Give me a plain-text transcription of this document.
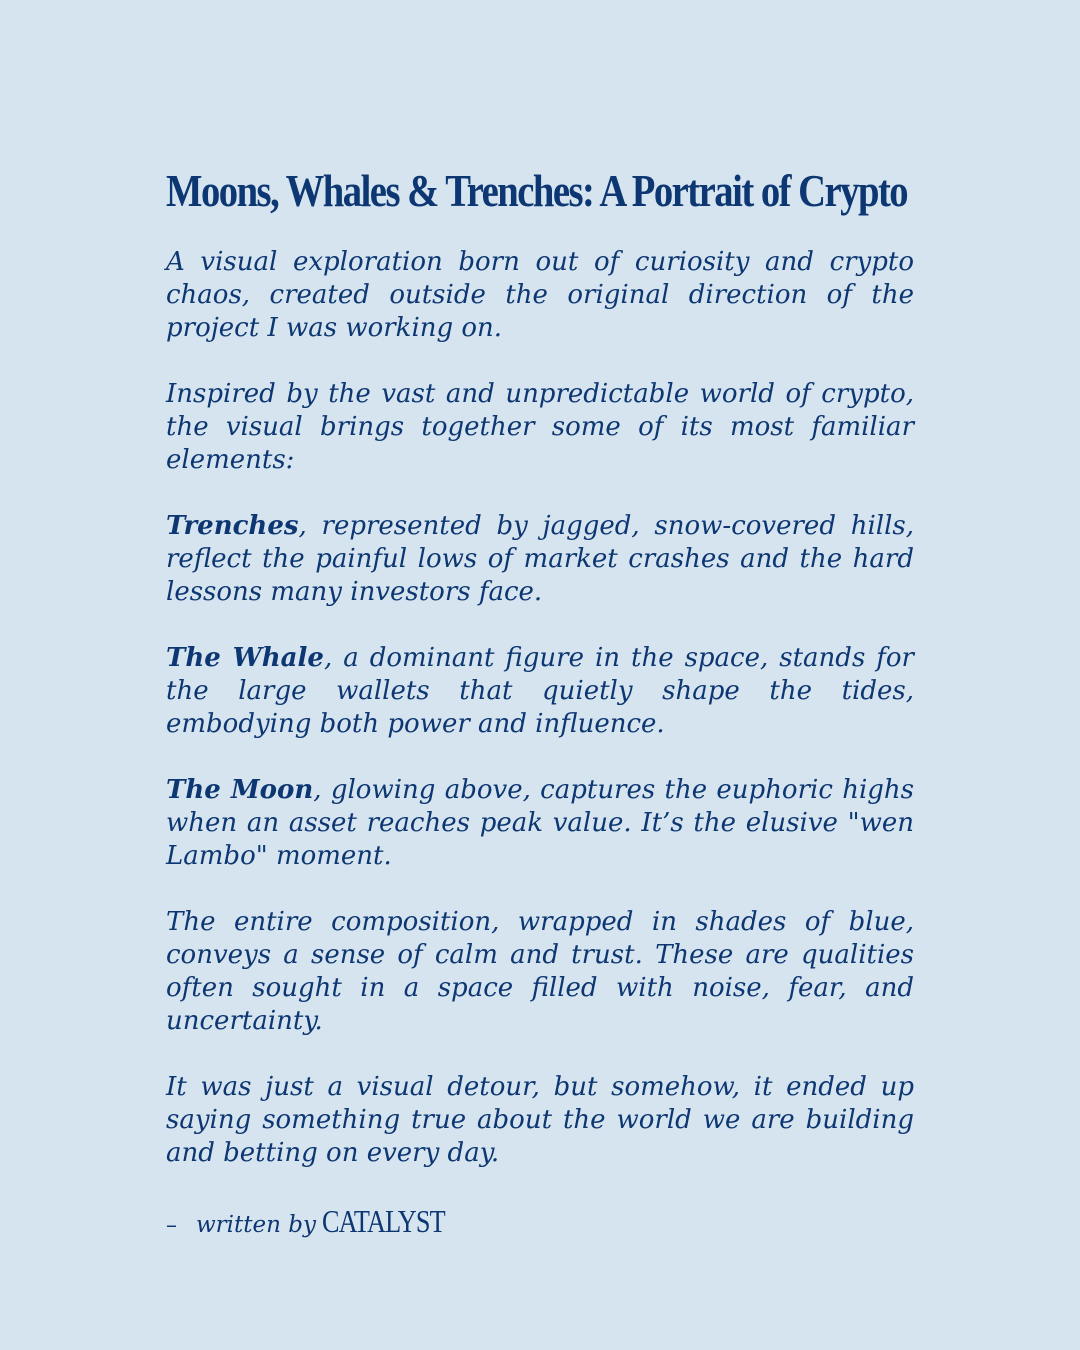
Moons, Whales & Trenches: A Portrait of Crypto

A visual exploration born out of curiosity and crypto chaos, created outside the original direction of the project I was working on.

Inspired by the vast and unpredictable world of crypto, the visual brings together some of its most familiar elements:

Trenches, represented by jagged, snow-covered hills, reflect the painful lows of market crashes and the hard lessons many investors face.

The Whale, a dominant figure in the space, stands for the large wallets that quietly shape the tides, embodying both power and influence.

The Moon, glowing above, captures the euphoric highs when an asset reaches peak value. It’s the elusive "wen Lambo" moment.

The entire composition, wrapped in shades of blue, conveys a sense of calm and trust. These are qualities often sought in a space filled with noise, fear, and uncertainty.

It was just a visual detour, but somehow, it ended up saying something true about the world we are building and betting on every day.

– written by CATALYST
